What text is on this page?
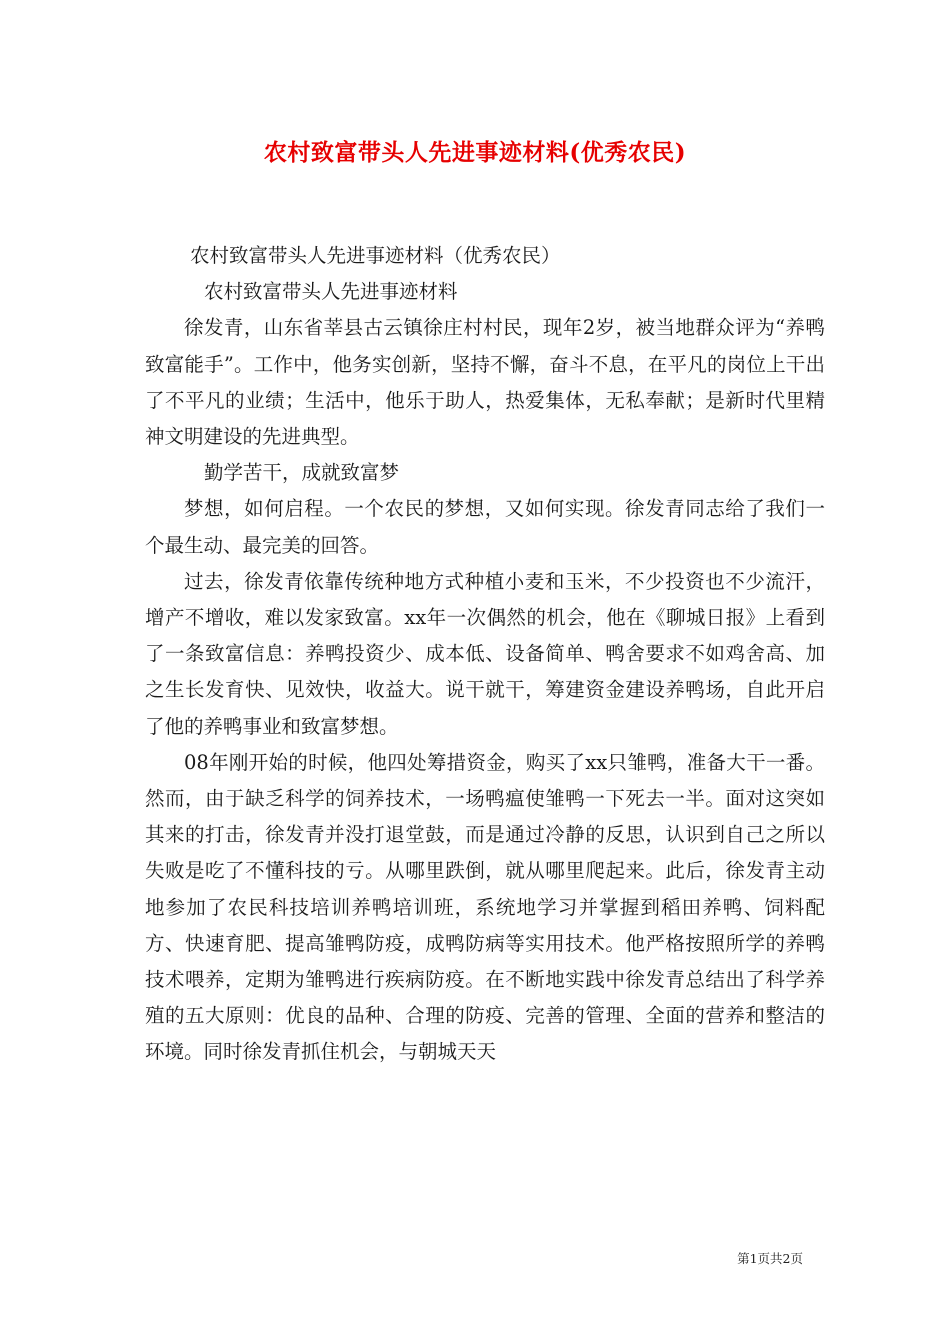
农村致富带头人先进事迹材料(优秀农民)

农村致富带头人先进事迹材料（优秀农民）

农村致富带头人先进事迹材料

徐发青，山东省莘县古云镇徐庄村村民，现年2岁，被当地群众评为“养鸭致富能手”。工作中，他务实创新，坚持不懈，奋斗不息，在平凡的岗位上干出了不平凡的业绩；生活中，他乐于助人，热爱集体，无私奉献；是新时代里精神文明建设的先进典型。

勤学苦干，成就致富梦

梦想，如何启程。一个农民的梦想，又如何实现。徐发青同志给了我们一个最生动、最完美的回答。

过去，徐发青依靠传统种地方式种植小麦和玉米，不少投资也不少流汗，增产不增收，难以发家致富。xx年一次偶然的机会，他在《聊城日报》上看到了一条致富信息：养鸭投资少、成本低、设备简单、鸭舍要求不如鸡舍高、加之生长发育快、见效快，收益大。说干就干，筹建资金建设养鸭场，自此开启了他的养鸭事业和致富梦想。

08年刚开始的时候，他四处筹措资金，购买了xx只雏鸭，准备大干一番。然而，由于缺乏科学的饲养技术，一场鸭瘟使雏鸭一下死去一半。面对这突如其来的打击，徐发青并没打退堂鼓，而是通过冷静的反思，认识到自己之所以失败是吃了不懂科技的亏。从哪里跌倒，就从哪里爬起来。此后，徐发青主动地参加了农民科技培训养鸭培训班，系统地学习并掌握到稻田养鸭、饲料配方、快速育肥、提高雏鸭防疫，成鸭防病等实用技术。他严格按照所学的养鸭技术喂养，定期为雏鸭进行疾病防疫。在不断地实践中徐发青总结出了科学养殖的五大原则：优良的品种、合理的防疫、完善的管理、全面的营养和整洁的环境。同时徐发青抓住机会，与朝城天天

第1页共2页
